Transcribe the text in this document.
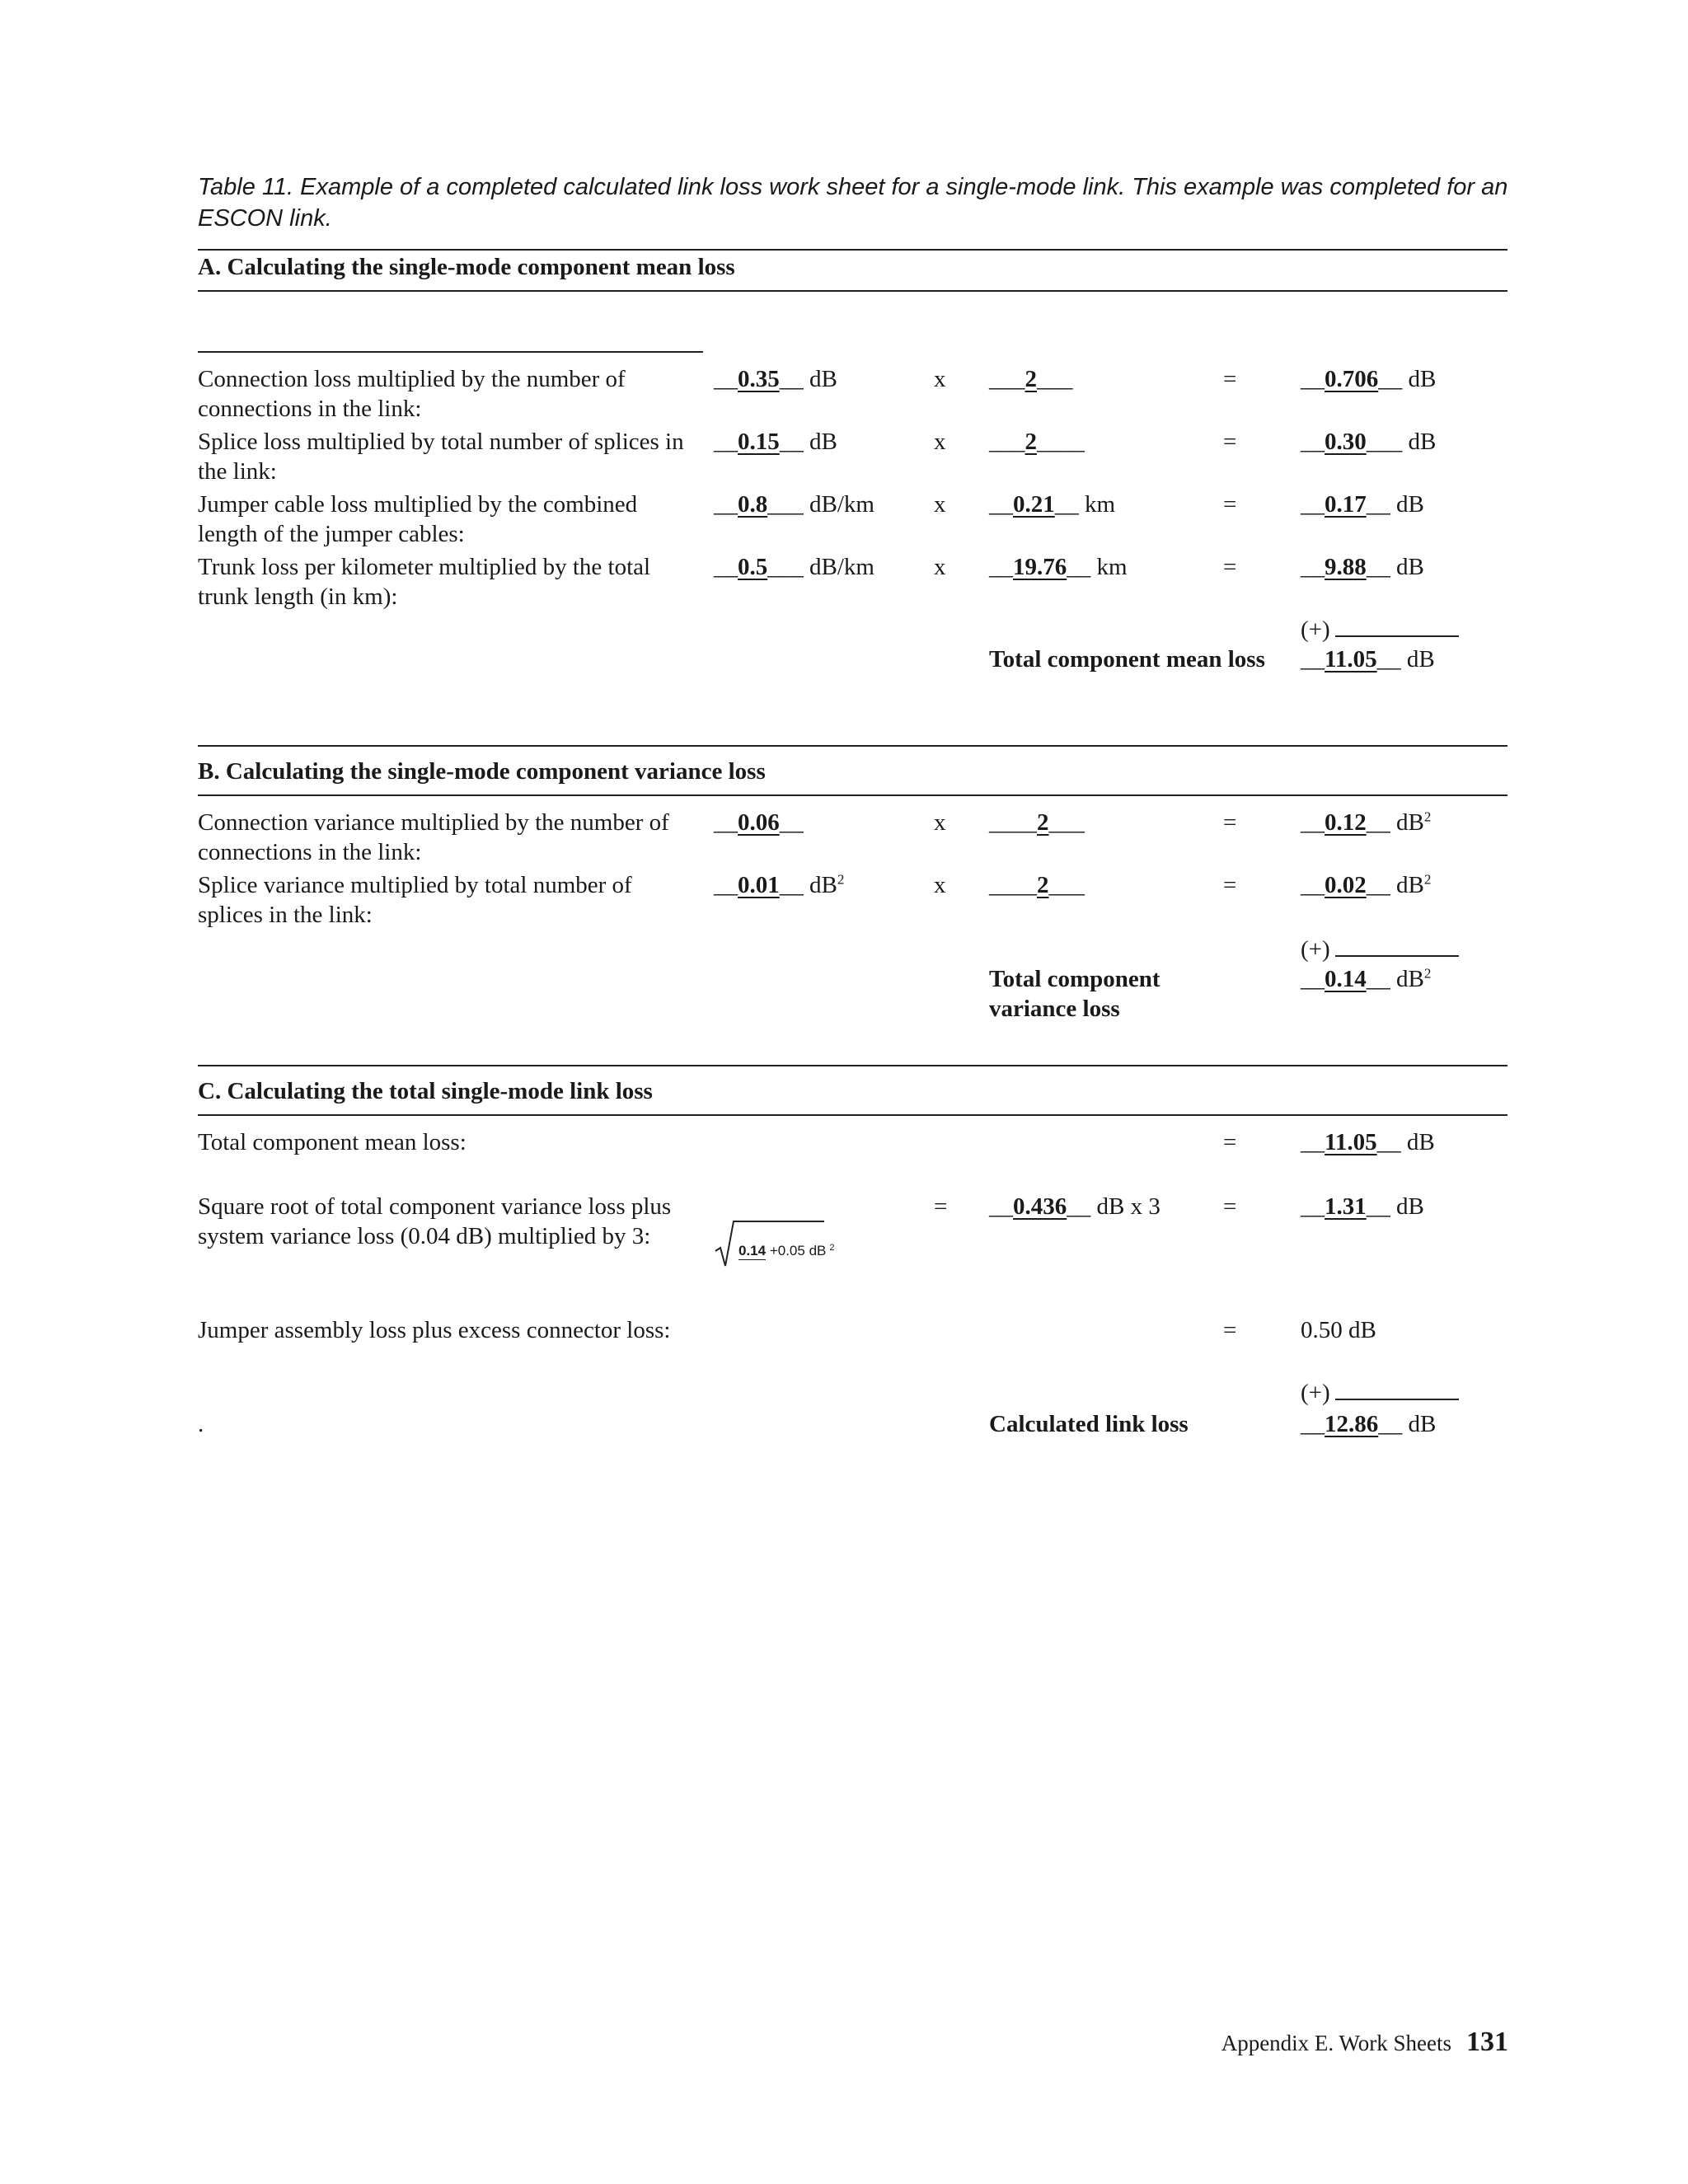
Table 11. Example of a completed calculated link loss work sheet for a single-mode link. This example was completed for an ESCON link.
A. Calculating the single-mode component mean loss
Connection loss multiplied by the number of connections in the link:
__0.35__ dB	x ___2___	=	__0.706__ dB
Splice loss multiplied by total number of splices in the link:
__0.15__ dB	x ___2____	=	__0.30___ dB
Jumper cable loss multiplied by the combined length of the jumper cables:
__0.8___ dB/km x __0.21__ km	=	__0.17__ dB
Trunk loss per kilometer multiplied by the total trunk length (in km):
__0.5___ dB/km x __19.76__ km	=	__9.88__ dB
(+)
Total component mean loss __11.05__ dB
B. Calculating the single-mode component variance loss
Connection variance multiplied by the number of connections in the link:
__0.06__	x ____2___	=	__0.12__ $dB^2$
Splice variance multiplied by total number of splices in the link:
__0.01__ $dB^2$	x ____2___	=	__0.02__ $dB^2$
(+)
Total component variance loss
__0.14__ $dB^2$
C. Calculating the total single-mode link loss
Total component mean loss:	=	__11.05__ dB
Square root of total component variance loss plus system variance loss (0.04 dB) multiplied by 3:
0.14 +0.05 dB $^2$
= __0.436__ dB x 3	=	__1.31__ dB
Jumper assembly loss plus excess connector loss:	=	0.50 dB
(+)
.	Calculated link loss	__12.86__ dB
Appendix E. Work Sheets 131
